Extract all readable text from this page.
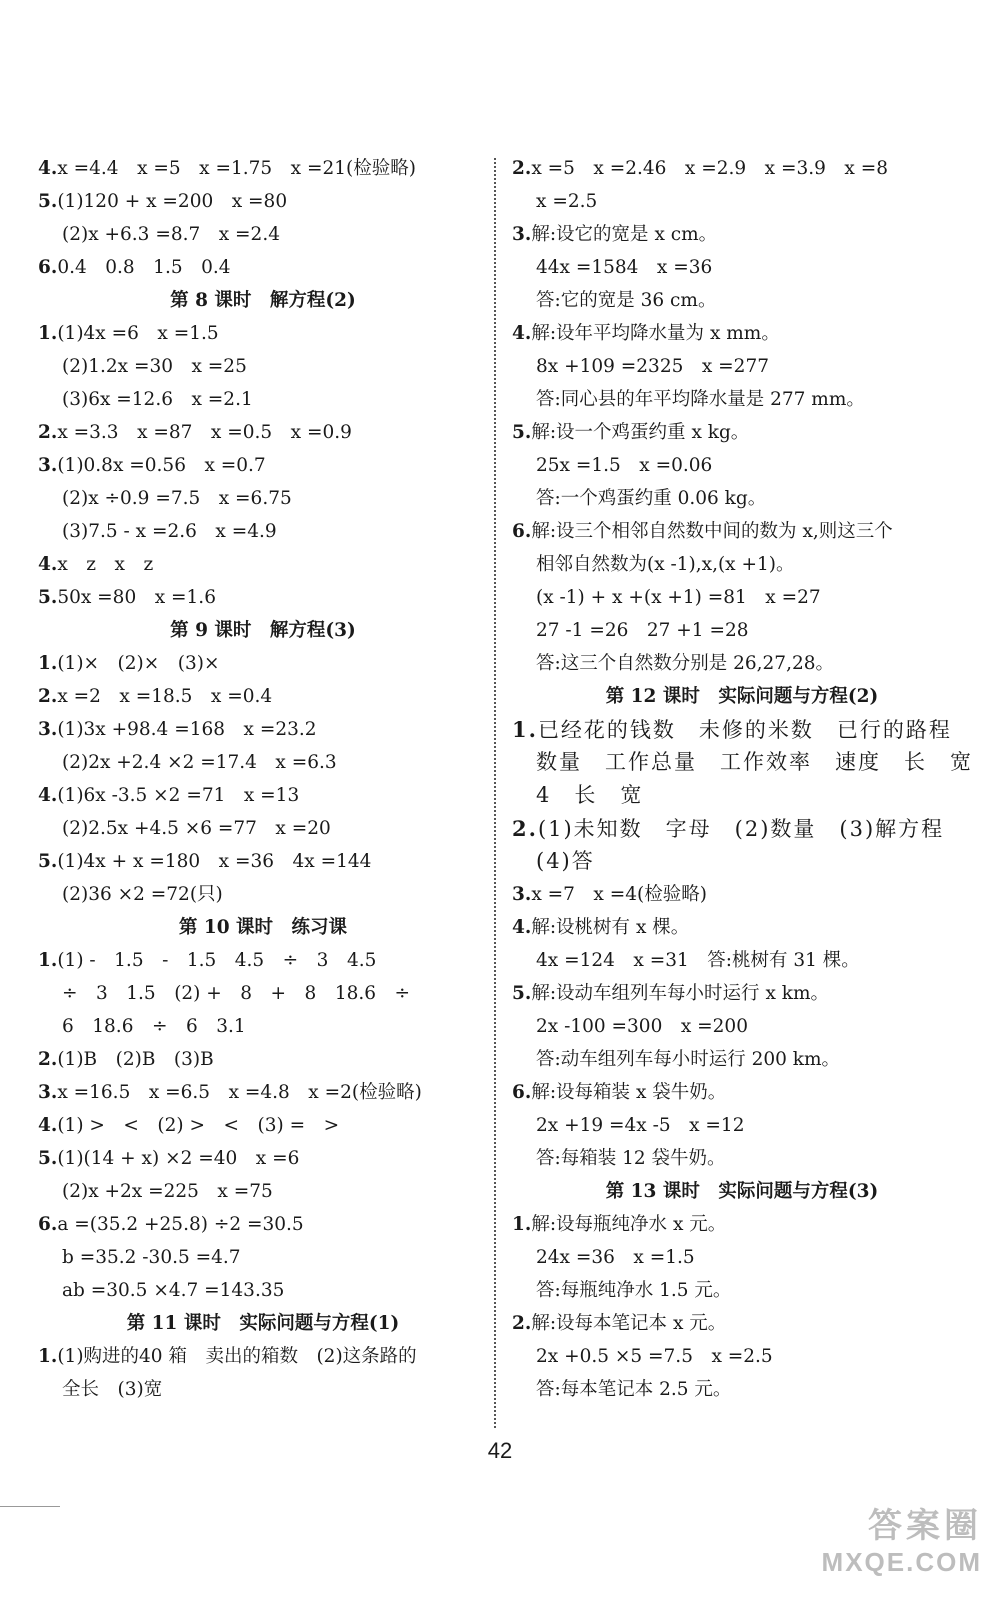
4.x =4.4　x =5　x =1.75　x =21(检验略)
5.(1)120 + x =200　x =80
(2)x +6.3 =8.7　x =2.4
6.0.4　0.8　1.5　0.4
第 8 课时　解方程(2)
1.(1)4x =6　x =1.5
(2)1.2x =30　x =25
(3)6x =12.6　x =2.1
2.x =3.3　x =87　x =0.5　x =0.9
3.(1)0.8x =0.56　x =0.7
(2)x ÷0.9 =7.5　x =6.75
(3)7.5 - x =2.6　x =4.9
4.x　z　x　z
5.50x =80　x =1.6
第 9 课时　解方程(3)
1.(1)×　(2)×　(3)×
2.x =2　x =18.5　x =0.4
3.(1)3x +98.4 =168　x =23.2
(2)2x +2.4 ×2 =17.4　x =6.3
4.(1)6x -3.5 ×2 =71　x =13
(2)2.5x +4.5 ×6 =77　x =20
5.(1)4x + x =180　x =36　4x =144
(2)36 ×2 =72(只)
第 10 课时　练习课
1.(1) -　1.5　-　1.5　4.5　÷　3　4.5
÷　3　1.5　(2) +　8　+　8　18.6　÷
6　18.6　÷　6　3.1
2.(1)B　(2)B　(3)B
3.x =16.5　x =6.5　x =4.8　x =2(检验略)
4.(1) >　<　(2) >　<　(3) =　>
5.(1)(14 + x) ×2 =40　x =6
(2)x +2x =225　x =75
6.a =(35.2 +25.8) ÷2 =30.5
b =35.2 -30.5 =4.7
ab =30.5 ×4.7 =143.35
第 11 课时　实际问题与方程(1)
1.(1)购进的40 箱　卖出的箱数　(2)这条路的
全长　(3)宽
2.x =5　x =2.46　x =2.9　x =3.9　x =8
x =2.5
3.解:设它的宽是 x cm。
44x =1584　x =36
答:它的宽是 36 cm。
4.解:设年平均降水量为 x mm。
8x +109 =2325　x =277
答:同心县的年平均降水量是 277 mm。
5.解:设一个鸡蛋约重 x kg。
25x =1.5　x =0.06
答:一个鸡蛋约重 0.06 kg。
6.解:设三个相邻自然数中间的数为 x,则这三个
相邻自然数为(x -1),x,(x +1)。
(x -1) + x +(x +1) =81　x =27
27 -1 =26　27 +1 =28
答:这三个自然数分别是 26,27,28。
第 12 课时　实际问题与方程(2)
1.已经花的钱数　未修的米数　已行的路程
数量　工作总量　工作效率　速度　长　宽
4　长　宽
2.(1)未知数　字母　(2)数量　(3)解方程
(4)答
3.x =7　x =4(检验略)
4.解:设桃树有 x 棵。
4x =124　x =31　答:桃树有 31 棵。
5.解:设动车组列车每小时运行 x km。
2x -100 =300　x =200
答:动车组列车每小时运行 200 km。
6.解:设每箱装 x 袋牛奶。
2x +19 =4x -5　x =12
答:每箱装 12 袋牛奶。
第 13 课时　实际问题与方程(3)
1.解:设每瓶纯净水 x 元。
24x =36　x =1.5
答:每瓶纯净水 1.5 元。
2.解:设每本笔记本 x 元。
2x +0.5 ×5 =7.5　x =2.5
答:每本笔记本 2.5 元。
42
答案圈
MXQE.COM
